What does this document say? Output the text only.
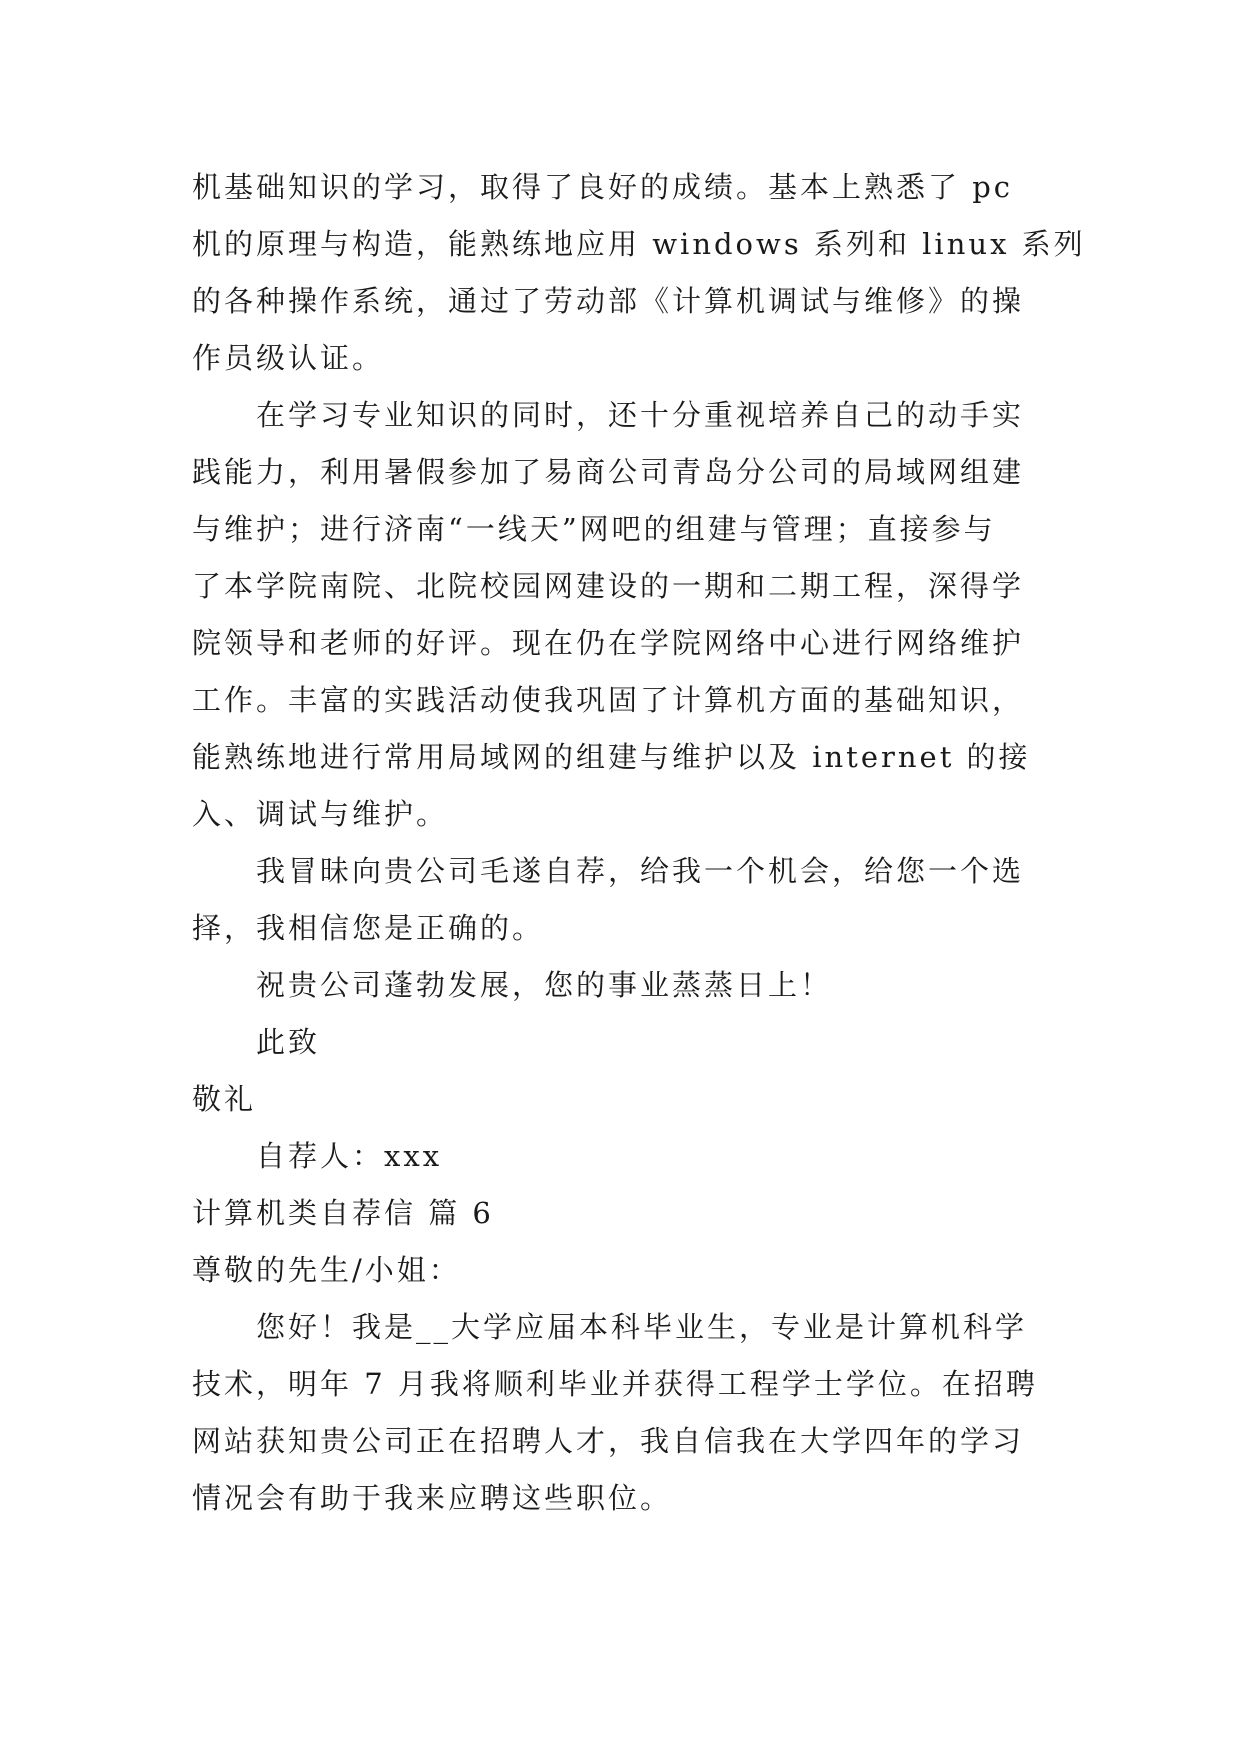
机基础知识的学习，取得了良好的成绩。基本上熟悉了 pc
机的原理与构造，能熟练地应用 windows 系列和 linux 系列
的各种操作系统，通过了劳动部《计算机调试与维修》的操
作员级认证。
在学习专业知识的同时，还十分重视培养自己的动手实
践能力，利用暑假参加了易商公司青岛分公司的局域网组建
与维护；进行济南“一线天”网吧的组建与管理；直接参与
了本学院南院、北院校园网建设的一期和二期工程，深得学
院领导和老师的好评。现在仍在学院网络中心进行网络维护
工作。丰富的实践活动使我巩固了计算机方面的基础知识，
能熟练地进行常用局域网的组建与维护以及 internet 的接
入、调试与维护。
我冒昧向贵公司毛遂自荐，给我一个机会，给您一个选
择，我相信您是正确的。
祝贵公司蓬勃发展，您的事业蒸蒸日上！
此致
敬礼
自荐人：xxx
计算机类自荐信 篇 6
尊敬的先生/小姐：
您好！我是__大学应届本科毕业生，专业是计算机科学
技术，明年 7 月我将顺利毕业并获得工程学士学位。在招聘
网站获知贵公司正在招聘人才，我自信我在大学四年的学习
情况会有助于我来应聘这些职位。
